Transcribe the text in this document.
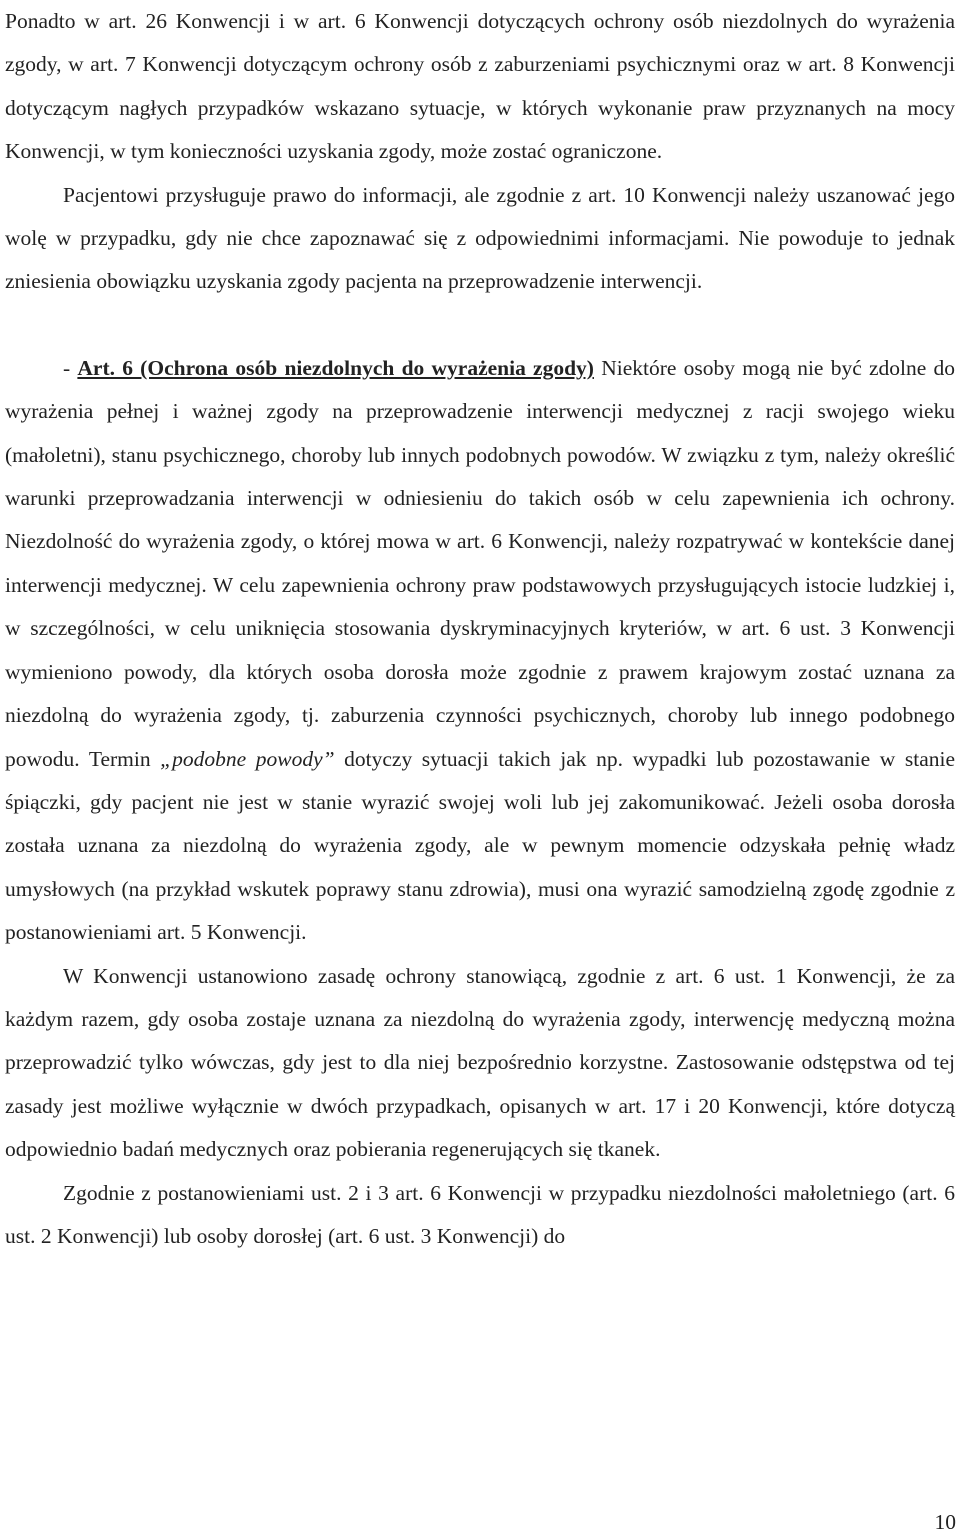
Ponadto w art. 26 Konwencji i w art. 6 Konwencji dotyczących ochrony osób niezdolnych do wyrażenia zgody, w art. 7 Konwencji dotyczącym ochrony osób z zaburzeniami psychicznymi oraz w art. 8 Konwencji dotyczącym nagłych przypadków wskazano sytuacje, w których wykonanie praw przyznanych na mocy Konwencji, w tym konieczności uzyskania zgody, może zostać ograniczone.

Pacjentowi przysługuje prawo do informacji, ale zgodnie z art. 10 Konwencji należy uszanować jego wolę w przypadku, gdy nie chce zapoznawać się z odpowiednimi informacjami. Nie powoduje to jednak zniesienia obowiązku uzyskania zgody pacjenta na przeprowadzenie interwencji.

- Art. 6 (Ochrona osób niezdolnych do wyrażenia zgody) Niektóre osoby mogą nie być zdolne do wyrażenia pełnej i ważnej zgody na przeprowadzenie interwencji medycznej z racji swojego wieku (małoletni), stanu psychicznego, choroby lub innych podobnych powodów. W związku z tym, należy określić warunki przeprowadzania interwencji w odniesieniu do takich osób w celu zapewnienia ich ochrony. Niezdolność do wyrażenia zgody, o której mowa w art. 6 Konwencji, należy rozpatrywać w kontekście danej interwencji medycznej. W celu zapewnienia ochrony praw podstawowych przysługujących istocie ludzkiej i, w szczególności, w celu uniknięcia stosowania dyskryminacyjnych kryteriów, w art. 6 ust. 3 Konwencji wymieniono powody, dla których osoba dorosła może zgodnie z prawem krajowym zostać uznana za niezdolną do wyrażenia zgody, tj. zaburzenia czynności psychicznych, choroby lub innego podobnego powodu. Termin „podobne powody” dotyczy sytuacji takich jak np. wypadki lub pozostawanie w stanie śpiączki, gdy pacjent nie jest w stanie wyrazić swojej woli lub jej zakomunikować. Jeżeli osoba dorosła została uznana za niezdolną do wyrażenia zgody, ale w pewnym momencie odzyskała pełnię władz umysłowych (na przykład wskutek poprawy stanu zdrowia), musi ona wyrazić samodzielną zgodę zgodnie z postanowieniami art. 5 Konwencji.

W Konwencji ustanowiono zasadę ochrony stanowiącą, zgodnie z art. 6 ust. 1 Konwencji, że za każdym razem, gdy osoba zostaje uznana za niezdolną do wyrażenia zgody, interwencję medyczną można przeprowadzić tylko wówczas, gdy jest to dla niej bezpośrednio korzystne. Zastosowanie odstępstwa od tej zasady jest możliwe wyłącznie w dwóch przypadkach, opisanych w art. 17 i 20 Konwencji, które dotyczą odpowiednio badań medycznych oraz pobierania regenerujących się tkanek.

Zgodnie z postanowieniami ust. 2 i 3 art. 6 Konwencji w przypadku niezdolności małoletniego (art. 6 ust. 2 Konwencji) lub osoby dorosłej (art. 6 ust. 3 Konwencji) do

10
